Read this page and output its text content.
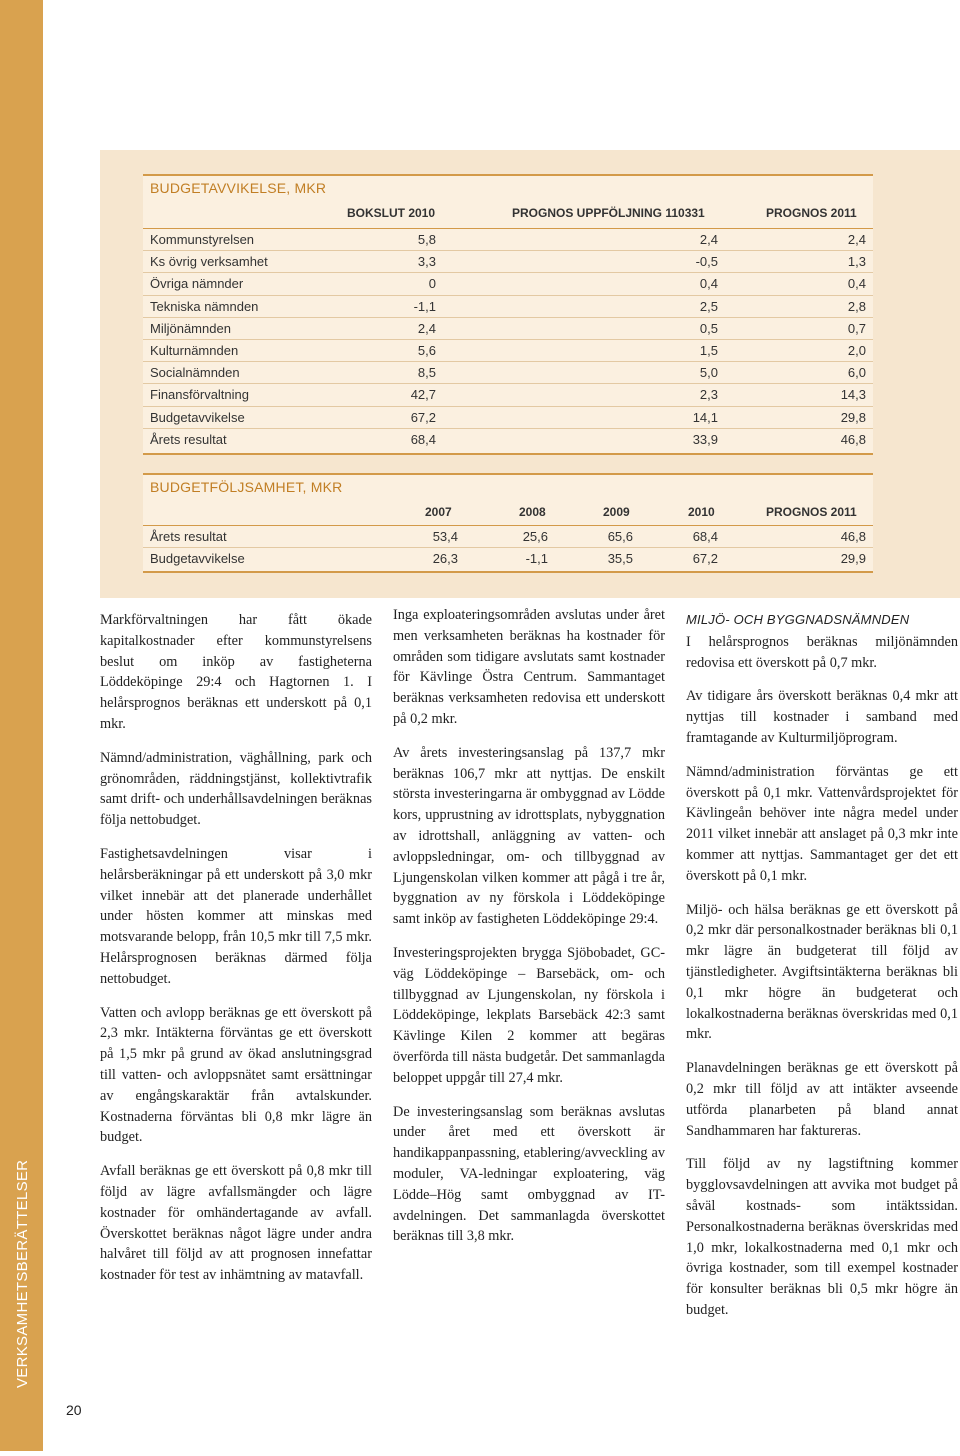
VERKSAMHETSBERÄTTELSER
20
BUDGETAVVIKELSE, MKR
BOKSLUT 2010	PROGNOS UPPFÖLJNING 110331	PROGNOS 2011
Kommunstyrelsen	5,8	2,4	2,4
Ks övrig verksamhet	3,3	-0,5	1,3
Övriga nämnder	0	0,4	0,4
Tekniska nämnden	-1,1	2,5	2,8
Miljönämnden	2,4	0,5	0,7
Kulturnämnden	5,6	1,5	2,0
Socialnämnden	8,5	5,0	6,0
Finansförvaltning	42,7	2,3	14,3
Budgetavvikelse	67,2	14,1	29,8
Årets resultat	68,4	33,9	46,8
BUDGETFÖLJSAMHET, MKR
2007	2008	2009	2010	PROGNOS 2011
Årets resultat	53,4	25,6	65,6	68,4	46,8
Budgetavvikelse	26,3	-1,1	35,5	67,2	29,9

Markförvaltningen har fått ökade kapitalkostnader efter kommunstyrelsens beslut om inköp av fastigheterna Löddeköpinge 29:4 och Hagtornen 1. I helårsprognos beräknas ett underskott på 0,1 mkr.

Nämnd/administration, väghållning, park och grönområden, räddningstjänst, kollektivtrafik samt drift- och underhållsavdelningen beräknas följa nettobudget.

Fastighetsavdelningen visar i helårsberäkningar på ett underskott på 3,0 mkr vilket innebär att det planerade underhållet under hösten kommer att minskas med motsvarande belopp, från 10,5 mkr till 7,5 mkr. Helårsprognosen beräknas därmed följa nettobudget.

Vatten och avlopp beräknas ge ett överskott på 2,3 mkr. Intäkterna förväntas ge ett överskott på 1,5 mkr på grund av ökad anslutningsgrad till vatten- och avloppsnätet samt ersättningar av engångskaraktär från avtalskunder. Kostnaderna förväntas bli 0,8 mkr lägre än budget.

Avfall beräknas ge ett överskott på 0,8 mkr till följd av lägre avfallsmängder och lägre kostnader för omhändertagande av avfall. Överskottet beräknas något lägre under andra halvåret till följd av att prognosen innefattar kostnader för test av inhämtning av matavfall.

Inga exploateringsområden avslutas under året men verksamheten beräknas ha kostnader för områden som tidigare avslutats samt kostnader för Kävlinge Östra Centrum. Sammantaget beräknas verksamheten redovisa ett underskott på 0,2 mkr.

Av årets investeringsanslag på 137,7 mkr beräknas 106,7 mkr att nyttjas. De enskilt största investeringarna är ombyggnad av Lödde kors, upprustning av idrottsplats, nybyggnation av idrottshall, anläggning av vatten- och avloppsledningar, om- och tillbyggnad av Ljungenskolan vilken kommer att pågå i tre år, byggnation av ny förskola i Löddeköpinge samt inköp av fastigheten Löddeköpinge 29:4.

Investeringsprojekten brygga Sjöbobadet, GC-väg Löddeköpinge – Barsebäck, om- och tillbyggnad av Ljungenskolan, ny förskola i Löddeköpinge, lekplats Barsebäck 42:3 samt Kävlinge Kilen 2 kommer att begäras överförda till nästa budgetår. Det sammanlagda beloppet uppgår till 27,4 mkr.

De investeringsanslag som beräknas avslutas under året med ett överskott är handikappanpassning, etablering/avveckling av moduler, VA-ledningar exploatering, väg Lödde–Hög samt ombyggnad av IT-avdelningen. Det sammanlagda överskottet beräknas till 3,8 mkr.

MILJÖ- OCH BYGGNADSNÄMNDEN

I helårsprognos beräknas miljönämnden redovisa ett överskott på 0,7 mkr.

Av tidigare års överskott beräknas 0,4 mkr att nyttjas till kostnader i samband med framtagande av Kulturmiljöprogram.

Nämnd/administration förväntas ge ett överskott på 0,1 mkr. Vattenvårdsprojektet för Kävlingeån behöver inte några medel under 2011 vilket innebär att anslaget på 0,3 mkr inte kommer att nyttjas. Sammantaget ger det ett överskott på 0,1 mkr.

Miljö- och hälsa beräknas ge ett överskott på 0,2 mkr där personalkostnader beräknas bli 0,1 mkr lägre än budgeterat till följd av tjänstledigheter. Avgiftsintäkterna beräknas bli 0,1 mkr högre än budgeterat och lokalkostnaderna beräknas överskridas med 0,1 mkr.

Planavdelningen beräknas ge ett överskott på 0,2 mkr till följd av att intäkter avseende utförda planarbeten på bland annat Sandhammaren har faktureras.

Till följd av ny lagstiftning kommer bygglovsavdelningen att avvika mot budget på såväl kostnads- som intäktssidan. Personalkostnaderna beräknas överskridas med 1,0 mkr, lokalkostnaderna med 0,1 mkr och övriga kostnader, som till exempel kostnader för konsulter beräknas bli 0,5 mkr högre än budget.
